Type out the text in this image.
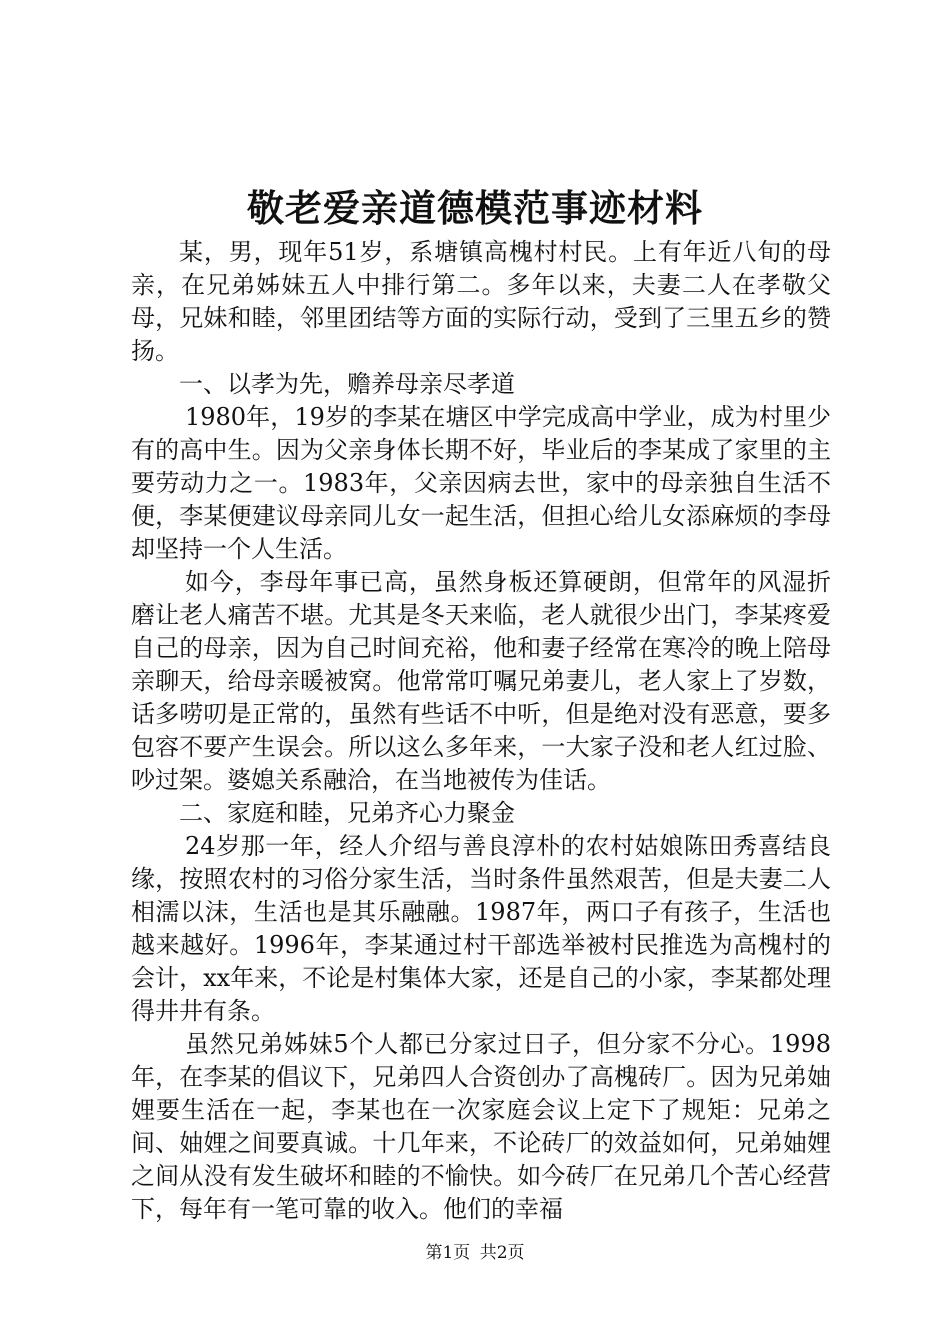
敬老爱亲道德模范事迹材料

某，男，现年51岁，系塘镇高槐村村民。上有年近八旬的母亲，在兄弟姊妹五人中排行第二。多年以来，夫妻二人在孝敬父母，兄妹和睦，邻里团结等方面的实际行动，受到了三里五乡的赞扬。

一、以孝为先，赡养母亲尽孝道

1980年，19岁的李某在塘区中学完成高中学业，成为村里少有的高中生。因为父亲身体长期不好，毕业后的李某成了家里的主要劳动力之一。1983年，父亲因病去世，家中的母亲独自生活不便，李某便建议母亲同儿女一起生活，但担心给儿女添麻烦的李母却坚持一个人生活。

如今，李母年事已高，虽然身板还算硬朗，但常年的风湿折磨让老人痛苦不堪。尤其是冬天来临，老人就很少出门，李某疼爱自己的母亲，因为自己时间充裕，他和妻子经常在寒冷的晚上陪母亲聊天，给母亲暖被窝。他常常叮嘱兄弟妻儿，老人家上了岁数，话多唠叨是正常的，虽然有些话不中听，但是绝对没有恶意，要多包容不要产生误会。所以这么多年来，一大家子没和老人红过脸、吵过架。婆媳关系融洽，在当地被传为佳话。

二、家庭和睦，兄弟齐心力聚金

24岁那一年，经人介绍与善良淳朴的农村姑娘陈田秀喜结良缘，按照农村的习俗分家生活，当时条件虽然艰苦，但是夫妻二人相濡以沫，生活也是其乐融融。1987年，两口子有孩子，生活也越来越好。1996年，李某通过村干部选举被村民推选为高槐村的会计，xx年来，不论是村集体大家，还是自己的小家，李某都处理得井井有条。

虽然兄弟姊妹5个人都已分家过日子，但分家不分心。1998年，在李某的倡议下，兄弟四人合资创办了高槐砖厂。因为兄弟妯娌要生活在一起，李某也在一次家庭会议上定下了规矩：兄弟之间、妯娌之间要真诚。十几年来，不论砖厂的效益如何，兄弟妯娌之间从没有发生破坏和睦的不愉快。如今砖厂在兄弟几个苦心经营下，每年有一笔可靠的收入。他们的幸福

第1页 共2页
